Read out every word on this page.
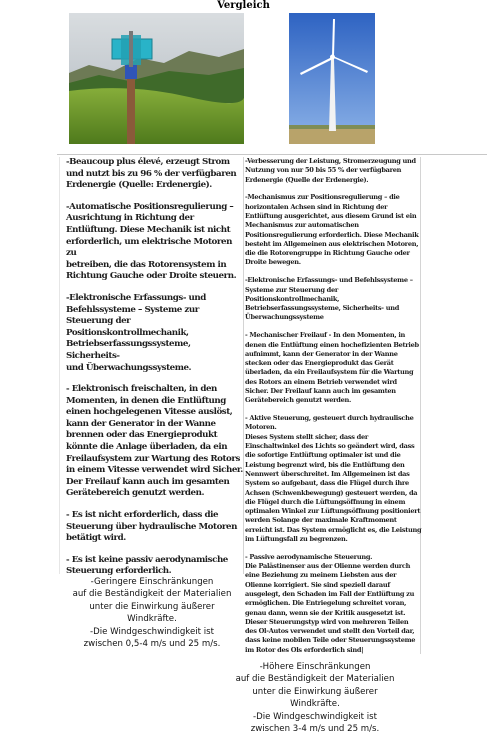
Vergleich

-Beaucoup plus élevé, erzeugt Strom
und nutzt bis zu 96 % der verfügbaren
Erdenergie (Quelle: Erdenergie).

-Automatische Positionsregulierung –
Ausrichtung in Richtung der
Entlüftung. Diese Mechanik ist nicht
erforderlich, um elektrische Motoren zu
betreiben, die das Rotorensystem in
Richtung Gauche oder Droite steuern.

-Elektronische Erfassungs- und
Befehlssysteme – Systeme zur
Steuerung der
Positionskontrollmechanik,
Betriebserfassungssysteme, Sicherheits-
und Überwachungssysteme.

- Elektronisch freischalten, in den
Momenten, in denen die Entlüftung
einen hochgelegenen Vitesse auslöst,
kann der Generator in der Wanne
brennen oder das Energieprodukt
könnte die Anlage überladen, da ein
Freilaufsystem zur Wartung des Rotors
in einem Vitesse verwendet wird Sicher.
Der Freilauf kann auch im gesamten
Gerätebereich genutzt werden.

- Es ist nicht erforderlich, dass die
Steuerung über hydraulische Motoren
betätigt wird.

- Es ist keine passiv aerodynamische
Steuerung erforderlich.

-Verbesserung der Leistung, Stromerzeugung und
Nutzung von nur 50 bis 55 % der verfügbaren
Erdenergie (Quelle der Erdenergie).

-Mechanismus zur Positionsregulierung – die
horizontalen Achsen sind in Richtung der
Entlüftung ausgerichtet, aus diesem Grund ist ein
Mechanismus zur automatischen
Positionsregulierung erforderlich. Diese Mechanik
besteht im Allgemeinen aus elektrischen Motoren,
die die Rotorengruppe in Richtung Gauche oder
Droite bewegen.

-Elektronische Erfassungs- und Befehlssysteme –
Systeme zur Steuerung der
Positionskontrollmechanik,
Betriebserfassungssysteme, Sicherheits- und
Überwachungssysteme

- Mechanischer Freilauf - In den Momenten, in
denen die Entlüftung einen hochefizienten Betrieb
aufnimmt, kann der Generator in der Wanne
stecken oder das Energieprodukt das Gerät
überladen, da ein Freilaufsystem für die Wartung
des Rotors an einem Betrieb verwendet wird
Sicher. Der Freilauf kann auch im gesamten
Gerätebereich genutzt werden.

- Aktive Steuerung, gesteuert durch hydraulische
Motoren.
Dieses System stellt sicher, dass der
Einschaltwinkel des Lichts so geändert wird, dass
die sofortige Entlüftung optimaler ist und die
Leistung begrenzt wird, bis die Entlüftung den
Nennwert überschreitet. Im Allgemeinen ist das
System so aufgebaut, dass die Flügel durch ihre
Achsen (Schwenkbewegung) gesteuert werden, da
die Flügel durch die Lüftungsöffnung in einem
optimalen Winkel zur Lüftungsöffnung positioniert
werden Solange der maximale Kraftmoment
erreicht ist. Das System ermöglicht es, die Leistung
im Lüftungsfall zu begrenzen.

- Passive aerodynamische Steuerung.
Die Palästinenser aus der Olienne werden durch
eine Beziehung zu meinem Liebsten aus der
Olienne korrigiert. Sie sind speziell darauf
ausgelegt, den Schaden im Fall der Entlüftung zu
ermöglichen. Die Entriegelung schreitet voran,
genau dann, wenn sie der Kritik ausgesetzt ist.
Dieser Steuerungstyp wird von mehreren Teilen
des Ol-Autos verwendet und stellt den Vorteil dar,
dass keine mobilen Teile oder Steuerungssysteme
im Rotor des Ols erforderlich sind|

-Geringere Einschränkungen
auf die Beständigkeit der Materialien
unter die Einwirkung äußerer
Windkräfte.
-Die Windgeschwindigkeit ist
zwischen 0,5-4 m/s und 25 m/s.
-Höhere Einschränkungen
auf die Beständigkeit der Materialien
unter die Einwirkung äußerer
Windkräfte.
-Die Windgeschwindigkeit ist
zwischen 3-4 m/s und 25 m/s.
